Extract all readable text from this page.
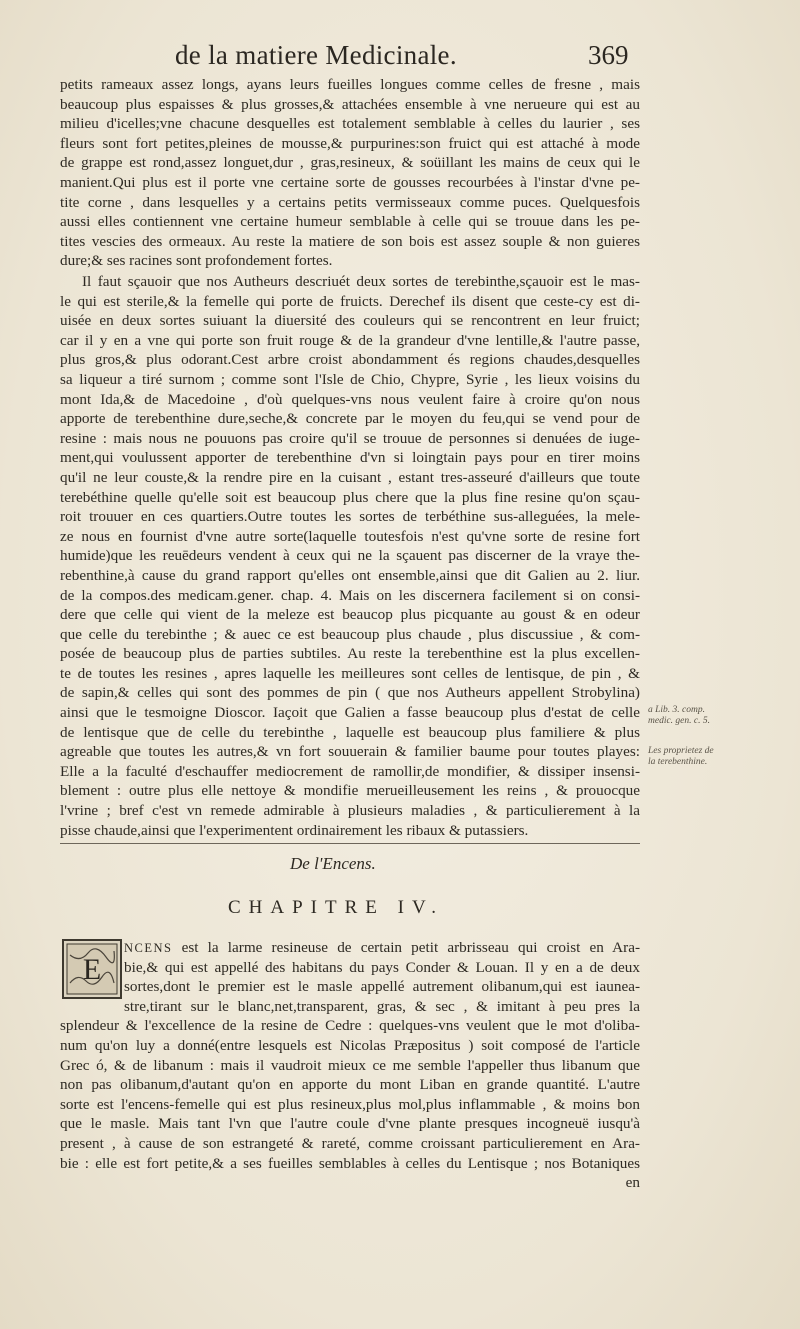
de la matiere Medicinale.	369
petits rameaux assez longs, ayans leurs fueilles longues comme celles de fresne , mais
beaucoup plus espaisses & plus grosses,& attachées ensemble à vne nerueure qui est au
milieu d'icelles;vne chacune desquelles est totalement semblable à celles du laurier , ses
fleurs sont fort petites,pleines de mousse,& purpurines:son fruict qui est attaché à mode
de grappe est rond,assez longuet,dur , gras,resineux, & soüillant les mains de ceux qui le
manient.Qui plus est il porte vne certaine sorte de gousses recourbées à l'instar d'vne pe-
tite corne , dans lesquelles y a certains petits vermisseaux comme puces. Quelquesfois
aussi elles contiennent vne certaine humeur semblable à celle qui se trouue dans les pe-
tites vescies des ormeaux. Au reste la matiere de son bois est assez souple & non guieres
dure;& ses racines sont profondement fortes.
Il faut sçauoir que nos Autheurs descriuét deux sortes de terebinthe,sçauoir est le mas-
le qui est sterile,& la femelle qui porte de fruicts. Derechef ils disent que ceste-cy est di-
uisée en deux sortes suiuant la diuersité des couleurs qui se rencontrent en leur fruict;
car il y en a vne qui porte son fruit rouge & de la grandeur d'vne lentille,& l'autre passe,
plus gros,& plus odorant.Cest arbre croist abondamment és regions chaudes,desquelles
sa liqueur a tiré surnom ; comme sont l'Isle de Chio, Chypre, Syrie , les lieux voisins du
mont Ida,& de Macedoine , d'où quelques-vns nous veulent faire à croire qu'on nous
apporte de terebenthine dure,seche,& concrete par le moyen du feu,qui se vend pour de
resine : mais nous ne pouuons pas croire qu'il se trouue de personnes si denuées de iuge-
ment,qui voulussent apporter de terebenthine d'vn si loingtain pays pour en tirer moins
qu'il ne leur couste,& la rendre pire en la cuisant , estant tres-asseuré d'ailleurs que toute
terebéthine quelle qu'elle soit est beaucoup plus chere que la plus fine resine qu'on sçau-
roit trouuer en ces quartiers.Outre toutes les sortes de terbéthine sus-alleguées, la mele-
ze nous en fournist d'vne autre sorte(laquelle toutesfois n'est qu'vne sorte de resine fort
humide)que les reuēdeurs vendent à ceux qui ne la sçauent pas discerner de la vraye the-
rebenthine,à cause du grand rapport qu'elles ont ensemble,ainsi que dit Galien au 2. liur.
de la compos.des medicam.gener. chap. 4. Mais on les discernera facilement si on consi-
dere que celle qui vient de la meleze est beaucop plus picquante au goust & en odeur
que celle du terebinthe ; & auec ce est beaucoup plus chaude , plus discussiue , & com-
posée de beaucoup plus de parties subtiles. Au reste la terebenthine est la plus excellen-
te de toutes les resines , apres laquelle les meilleures sont celles de lentisque, de pin , &
de sapin,& celles qui sont des pommes de pin ( que nos Autheurs appellent Strobylina)
ainsi que le tesmoigne Dioscor. Iaçoit que Galien a fasse beaucoup plus d'estat de celle
de lentisque que de celle du terebinthe , laquelle est beaucoup plus familiere & plus
agreable que toutes les autres,& vn fort souuerain & familier baume pour toutes playes:
Elle a la faculté d'eschauffer mediocrement de ramollir,de mondifier, & dissiper insensi-
blement : outre plus elle nettoye & mondifie merueilleusement les reins , & prouocque
l'vrine ; bref c'est vn remede admirable à plusieurs maladies , & particulierement à la
pisse chaude,ainsi que l'experimentent ordinairement les ribaux & putassiers.
a Lib. 3. comp. medic. gen. c. 5.
Les proprietez de la terebenthine.
De l'Encens.
CHAPITRE IV.
E
NCENS est la larme resineuse de certain petit arbrisseau qui croist en Ara-
bie,& qui est appellé des habitans du pays Conder & Louan. Il y en a de deux
sortes,dont le premier est le masle appellé autrement olibanum,qui est iaunea-
stre,tirant sur le blanc,net,transparent, gras, & sec , & imitant à peu pres la
splendeur & l'excellence de la resine de Cedre : quelques-vns veulent que le mot d'oliba-
num qu'on luy a donné(entre lesquels est Nicolas Præpositus ) soit composé de l'article
Grec ó, & de libanum : mais il vaudroit mieux ce me semble l'appeller thus libanum que
non pas olibanum,d'autant qu'on en apporte du mont Liban en grande quantité. L'autre
sorte est l'encens-femelle qui est plus resineux,plus mol,plus inflammable , & moins bon
que le masle. Mais tant l'vn que l'autre coule d'vne plante presques incogneuë iusqu'à
present , à cause de son estrangeté & rareté, comme croissant particulierement en Ara-
bie : elle est fort petite,& a ses fueilles semblables à celles du Lentisque ; nos Botaniques
en
